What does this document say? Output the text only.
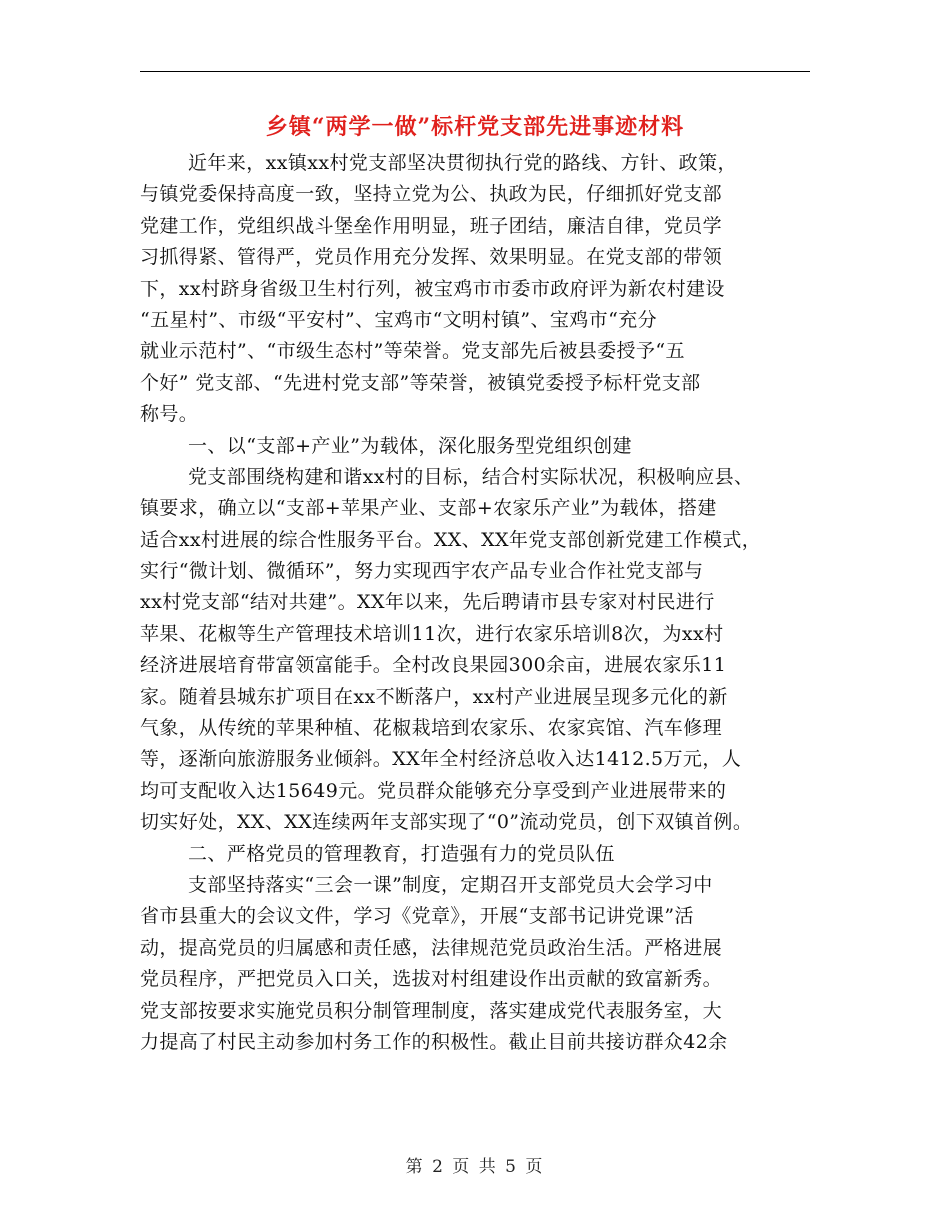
乡镇“两学一做”标杆党支部先进事迹材料
近年来，xx镇xx村党支部坚决贯彻执行党的路线、方针、政策，
与镇党委保持高度一致，坚持立党为公、执政为民，仔细抓好党支部
党建工作，党组织战斗堡垒作用明显，班子团结，廉洁自律，党员学
习抓得紧、管得严，党员作用充分发挥、效果明显。在党支部的带领
下，xx村跻身省级卫生村行列，被宝鸡市市委市政府评为新农村建设
“五星村”、市级“平安村”、宝鸡市“文明村镇”、宝鸡市“充分
就业示范村”、“市级生态村”等荣誉。党支部先后被县委授予“五
个好” 党支部、“先进村党支部”等荣誉，被镇党委授予标杆党支部
称号。
一、以“支部+产业”为载体，深化服务型党组织创建
党支部围绕构建和谐xx村的目标，结合村实际状况，积极响应县、
镇要求，确立以“支部+苹果产业、支部+农家乐产业”为载体，搭建
适合xx村进展的综合性服务平台。XX、XX年党支部创新党建工作模式，
实行“微计划、微循环”，努力实现西宇农产品专业合作社党支部与
xx村党支部“结对共建”。XX年以来，先后聘请市县专家对村民进行
苹果、花椒等生产管理技术培训11次，进行农家乐培训8次，为xx村
经济进展培育带富领富能手。全村改良果园300余亩，进展农家乐11
家。随着县城东扩项目在xx不断落户，xx村产业进展呈现多元化的新
气象，从传统的苹果种植、花椒栽培到农家乐、农家宾馆、汽车修理
等，逐渐向旅游服务业倾斜。XX年全村经济总收入达1412.5万元，人
均可支配收入达15649元。党员群众能够充分享受到产业进展带来的
切实好处，XX、XX连续两年支部实现了“0”流动党员，创下双镇首例。
二、严格党员的管理教育，打造强有力的党员队伍
支部坚持落实“三会一课”制度，定期召开支部党员大会学习中
省市县重大的会议文件，学习《党章》，开展“支部书记讲党课”活
动，提高党员的归属感和责任感，法律规范党员政治生活。严格进展
党员程序，严把党员入口关，选拔对村组建设作出贡献的致富新秀。
党支部按要求实施党员积分制管理制度，落实建成党代表服务室，大
力提高了村民主动参加村务工作的积极性。截止目前共接访群众42余
第 2 页 共 5 页
